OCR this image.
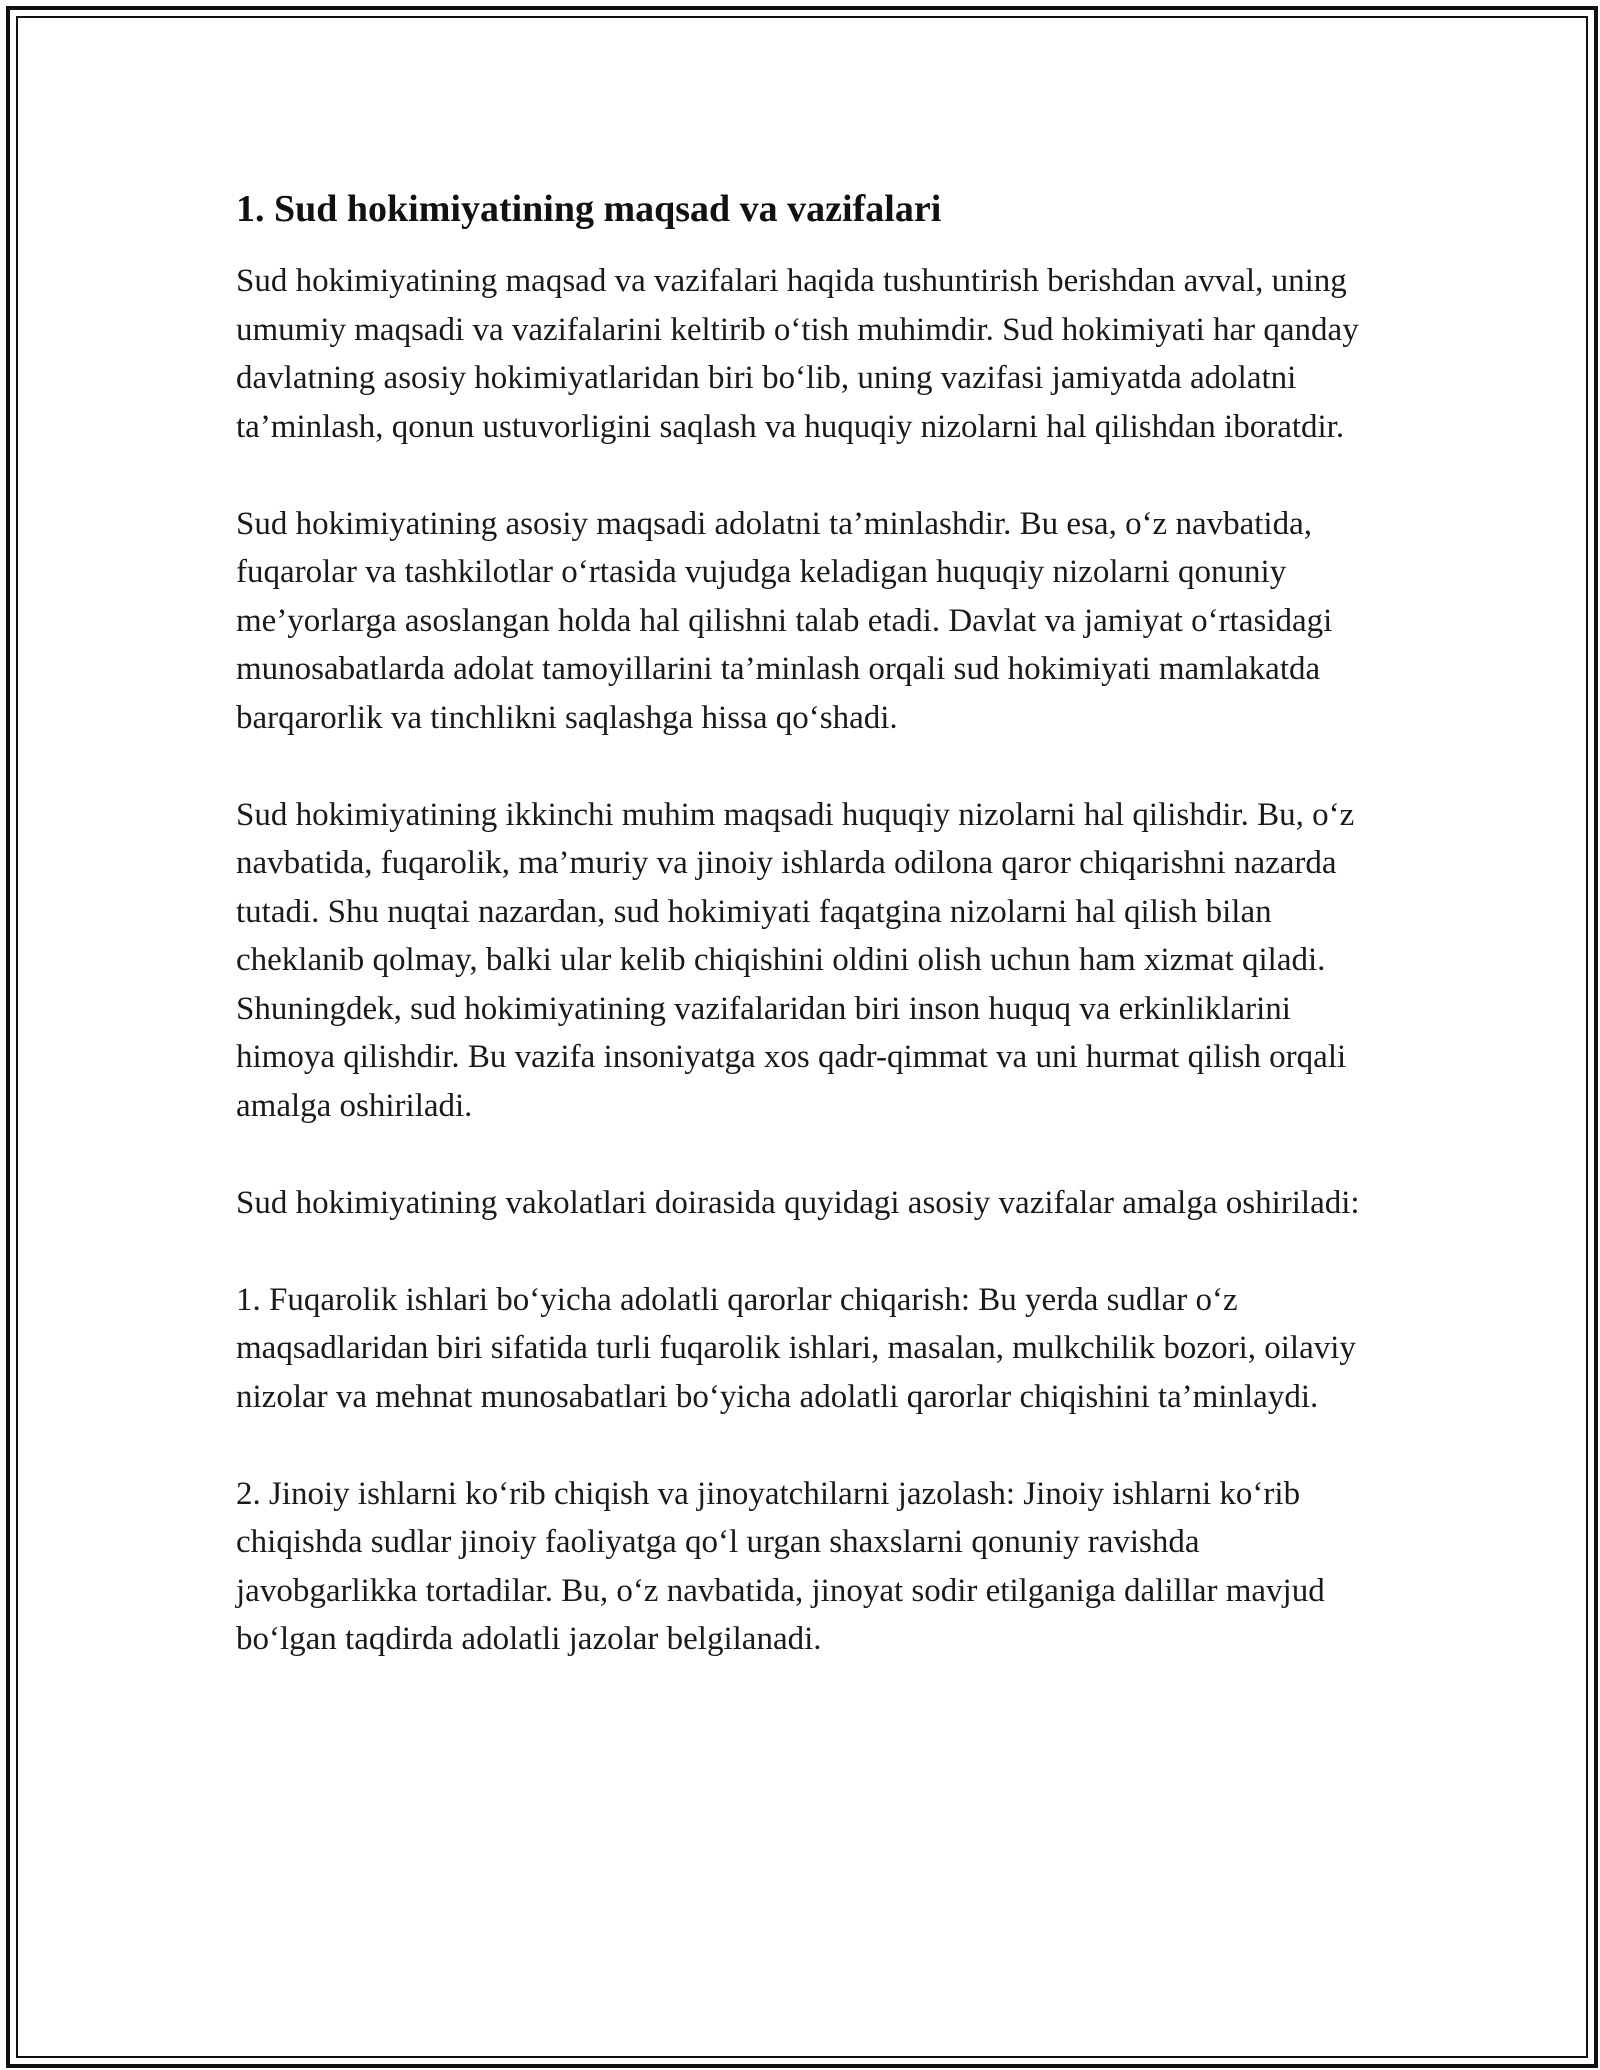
1. Sud hokimiyatining maqsad va vazifalari

Sud hokimiyatining maqsad va vazifalari haqida tushuntirish berishdan avval, uning umumiy maqsadi va vazifalarini keltirib o‘tish muhimdir. Sud hokimiyati har qanday davlatning asosiy hokimiyatlaridan biri bo‘lib, uning vazifasi jamiyatda adolatni ta’minlash, qonun ustuvorligini saqlash va huquqiy nizolarni hal qilishdan iboratdir.

Sud hokimiyatining asosiy maqsadi adolatni ta’minlashdir. Bu esa, o‘z navbatida, fuqarolar va tashkilotlar o‘rtasida vujudga keladigan huquqiy nizolarni qonuniy me’yorlarga asoslangan holda hal qilishni talab etadi. Davlat va jamiyat o‘rtasidagi munosabatlarda adolat tamoyillarini ta’minlash orqali sud hokimiyati mamlakatda barqarorlik va tinchlikni saqlashga hissa qo‘shadi.

Sud hokimiyatining ikkinchi muhim maqsadi huquqiy nizolarni hal qilishdir. Bu, o‘z navbatida, fuqarolik, ma’muriy va jinoiy ishlarda odilona qaror chiqarishni nazarda tutadi. Shu nuqtai nazardan, sud hokimiyati faqatgina nizolarni hal qilish bilan cheklanib qolmay, balki ular kelib chiqishini oldini olish uchun ham xizmat qiladi. Shuningdek, sud hokimiyatining vazifalaridan biri inson huquq va erkinliklarini himoya qilishdir. Bu vazifa insoniyatga xos qadr-qimmat va uni hurmat qilish orqali amalga oshiriladi.

Sud hokimiyatining vakolatlari doirasida quyidagi asosiy vazifalar amalga oshiriladi:

1. Fuqarolik ishlari bo‘yicha adolatli qarorlar chiqarish: Bu yerda sudlar o‘z maqsadlaridan biri sifatida turli fuqarolik ishlari, masalan, mulkchilik bozori, oilaviy nizolar va mehnat munosabatlari bo‘yicha adolatli qarorlar chiqishini ta’minlaydi.

2. Jinoiy ishlarni ko‘rib chiqish va jinoyatchilarni jazolash: Jinoiy ishlarni ko‘rib chiqishda sudlar jinoiy faoliyatga qo‘l urgan shaxslarni qonuniy ravishda javobgarlikka tortadilar. Bu, o‘z navbatida, jinoyat sodir etilganiga dalillar mavjud bo‘lgan taqdirda adolatli jazolar belgilanadi.
